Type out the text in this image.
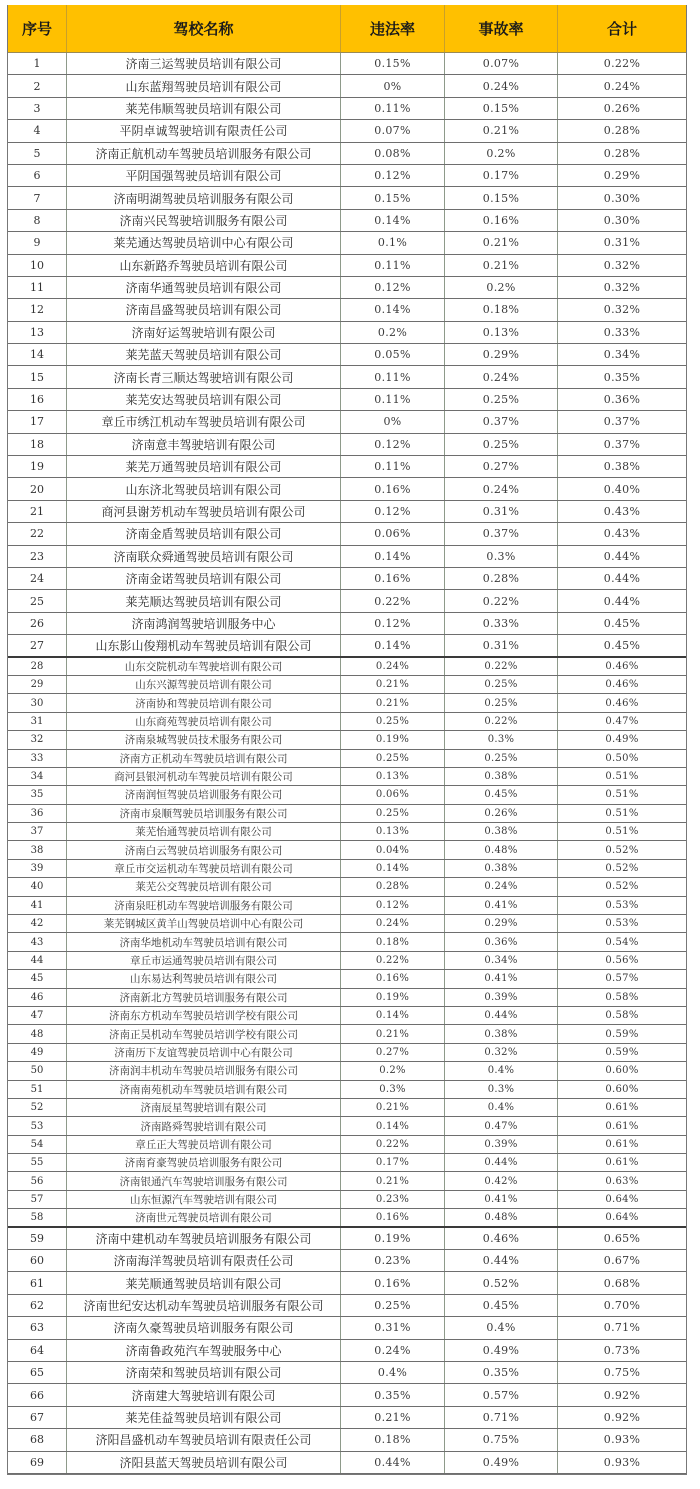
序号	驾校名称	违法率	事故率	合计
1	济南三运驾驶员培训有限公司	0.15%	0.07%	0.22%
2	山东蓝翔驾驶员培训有限公司	0%	0.24%	0.24%
3	莱芜伟顺驾驶员培训有限公司	0.11%	0.15%	0.26%
4	平阴卓诚驾驶培训有限责任公司	0.07%	0.21%	0.28%
5	济南正航机动车驾驶员培训服务有限公司	0.08%	0.2%	0.28%
6	平阴国强驾驶员培训有限公司	0.12%	0.17%	0.29%
7	济南明湖驾驶员培训服务有限公司	0.15%	0.15%	0.30%
8	济南兴民驾驶培训服务有限公司	0.14%	0.16%	0.30%
9	莱芜通达驾驶员培训中心有限公司	0.1%	0.21%	0.31%
10	山东新路乔驾驶员培训有限公司	0.11%	0.21%	0.32%
11	济南华通驾驶员培训有限公司	0.12%	0.2%	0.32%
12	济南昌盛驾驶员培训有限公司	0.14%	0.18%	0.32%
13	济南好运驾驶培训有限公司	0.2%	0.13%	0.33%
14	莱芜蓝天驾驶员培训有限公司	0.05%	0.29%	0.34%
15	济南长青三顺达驾驶培训有限公司	0.11%	0.24%	0.35%
16	莱芜安达驾驶员培训有限公司	0.11%	0.25%	0.36%
17	章丘市绣江机动车驾驶员培训有限公司	0%	0.37%	0.37%
18	济南意丰驾驶培训有限公司	0.12%	0.25%	0.37%
19	莱芜万通驾驶员培训有限公司	0.11%	0.27%	0.38%
20	山东济北驾驶员培训有限公司	0.16%	0.24%	0.40%
21	商河县谢芳机动车驾驶员培训有限公司	0.12%	0.31%	0.43%
22	济南金盾驾驶员培训有限公司	0.06%	0.37%	0.43%
23	济南联众舜通驾驶员培训有限公司	0.14%	0.3%	0.44%
24	济南金诺驾驶员培训有限公司	0.16%	0.28%	0.44%
25	莱芜顺达驾驶员培训有限公司	0.22%	0.22%	0.44%
26	济南鸿润驾驶培训服务中心	0.12%	0.33%	0.45%
27	山东影山俊翔机动车驾驶员培训有限公司	0.14%	0.31%	0.45%
28	山东交院机动车驾驶培训有限公司	0.24%	0.22%	0.46%
29	山东兴源驾驶员培训有限公司	0.21%	0.25%	0.46%
30	济南协和驾驶员培训有限公司	0.21%	0.25%	0.46%
31	山东商苑驾驶员培训有限公司	0.25%	0.22%	0.47%
32	济南泉城驾驶员技术服务有限公司	0.19%	0.3%	0.49%
33	济南方正机动车驾驶员培训有限公司	0.25%	0.25%	0.50%
34	商河县银河机动车驾驶员培训有限公司	0.13%	0.38%	0.51%
35	济南润恒驾驶员培训服务有限公司	0.06%	0.45%	0.51%
36	济南市泉顺驾驶员培训服务有限公司	0.25%	0.26%	0.51%
37	莱芜怡通驾驶员培训有限公司	0.13%	0.38%	0.51%
38	济南白云驾驶员培训服务有限公司	0.04%	0.48%	0.52%
39	章丘市交运机动车驾驶员培训有限公司	0.14%	0.38%	0.52%
40	莱芜公交驾驶员培训有限公司	0.28%	0.24%	0.52%
41	济南泉旺机动车驾驶培训服务有限公司	0.12%	0.41%	0.53%
42	莱芜钢城区黄羊山驾驶员培训中心有限公司	0.24%	0.29%	0.53%
43	济南华地机动车驾驶员培训有限公司	0.18%	0.36%	0.54%
44	章丘市运通驾驶员培训有限公司	0.22%	0.34%	0.56%
45	山东易达利驾驶员培训有限公司	0.16%	0.41%	0.57%
46	济南新北方驾驶员培训服务有限公司	0.19%	0.39%	0.58%
47	济南东方机动车驾驶员培训学校有限公司	0.14%	0.44%	0.58%
48	济南正昊机动车驾驶员培训学校有限公司	0.21%	0.38%	0.59%
49	济南历下友谊驾驶员培训中心有限公司	0.27%	0.32%	0.59%
50	济南润丰机动车驾驶员培训服务有限公司	0.2%	0.4%	0.60%
51	济南南苑机动车驾驶员培训有限公司	0.3%	0.3%	0.60%
52	济南辰星驾驶培训有限公司	0.21%	0.4%	0.61%
53	济南路舜驾驶培训有限公司	0.14%	0.47%	0.61%
54	章丘正大驾驶员培训有限公司	0.22%	0.39%	0.61%
55	济南育豪驾驶员培训服务有限公司	0.17%	0.44%	0.61%
56	济南银通汽车驾驶培训服务有限公司	0.21%	0.42%	0.63%
57	山东恒源汽车驾驶培训有限公司	0.23%	0.41%	0.64%
58	济南世元驾驶员培训有限公司	0.16%	0.48%	0.64%
59	济南中建机动车驾驶员培训服务有限公司	0.19%	0.46%	0.65%
60	济南海洋驾驶员培训有限责任公司	0.23%	0.44%	0.67%
61	莱芜顺通驾驶员培训有限公司	0.16%	0.52%	0.68%
62	济南世纪安达机动车驾驶员培训服务有限公司	0.25%	0.45%	0.70%
63	济南久豪驾驶员培训服务有限公司	0.31%	0.4%	0.71%
64	济南鲁政苑汽车驾驶服务中心	0.24%	0.49%	0.73%
65	济南荣和驾驶员培训有限公司	0.4%	0.35%	0.75%
66	济南建大驾驶培训有限公司	0.35%	0.57%	0.92%
67	莱芜佳益驾驶员培训有限公司	0.21%	0.71%	0.92%
68	济阳昌盛机动车驾驶员培训有限责任公司	0.18%	0.75%	0.93%
69	济阳县蓝天驾驶员培训有限公司	0.44%	0.49%	0.93%
